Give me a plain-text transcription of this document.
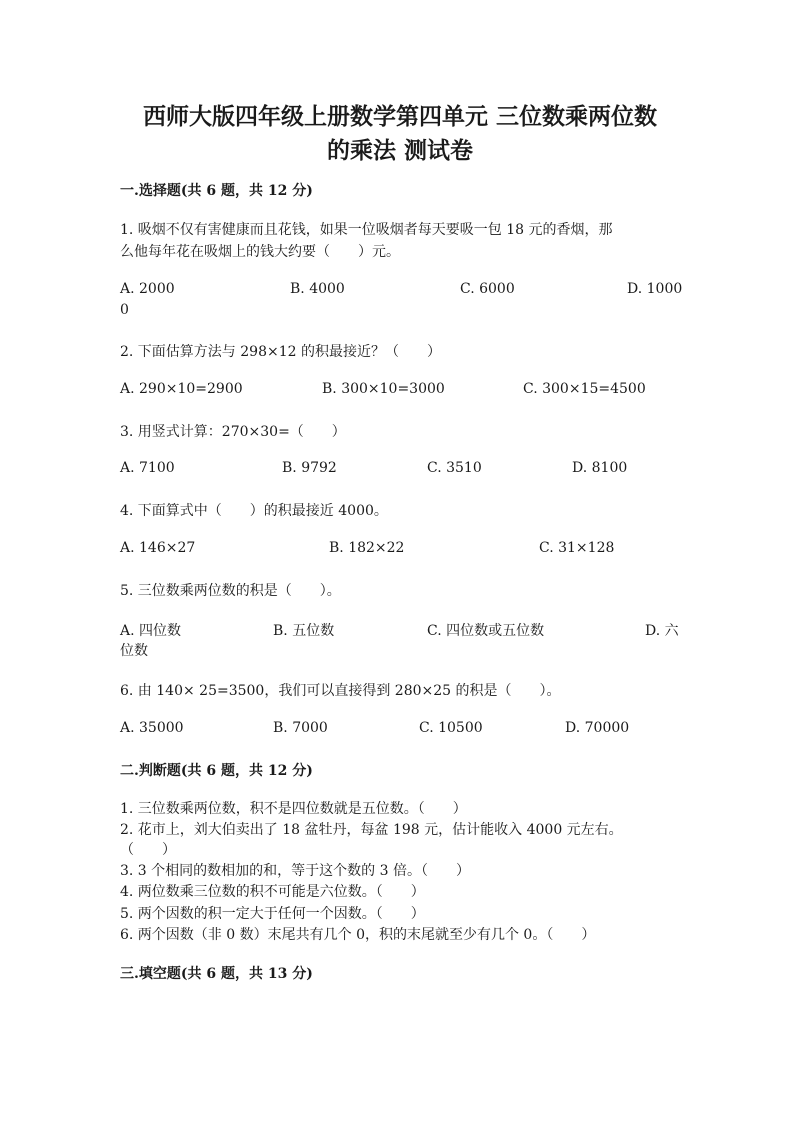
西师大版四年级上册数学第四单元 三位数乘两位数
的乘法 测试卷
一.选择题(共 6 题，共 12 分)
1. 吸烟不仅有害健康而且花钱，如果一位吸烟者每天要吸一包 18 元的香烟，那
么他每年花在吸烟上的钱大约要（　　）元。
A. 2000	B. 4000	C. 6000	D. 1000
0
2. 下面估算方法与 298×12 的积最接近？（　　）
A. 290×10=2900	B. 300×10=3000	C. 300×15=4500
3. 用竖式计算：270×30=（　　）
A. 7100	B. 9792	C. 3510	D. 8100
4. 下面算式中（　　）的积最接近 4000。
A. 146×27	B. 182×22	C. 31×128
5. 三位数乘两位数的积是（　　）。
A. 四位数	B. 五位数	C. 四位数或五位数	D. 六
位数
6. 由 140× 25=3500，我们可以直接得到 280×25 的积是（　　）。
A. 35000	B. 7000	C. 10500	D. 70000
二.判断题(共 6 题，共 12 分)
1. 三位数乘两位数，积不是四位数就是五位数。（　　）
2. 花市上，刘大伯卖出了 18 盆牡丹，每盆 198 元，估计能收入 4000 元左右。
（　　）
3. 3 个相同的数相加的和，等于这个数的 3 倍。（　　）
4. 两位数乘三位数的积不可能是六位数。（　　）
5. 两个因数的积一定大于任何一个因数。（　　）
6. 两个因数（非 0 数）末尾共有几个 0，积的末尾就至少有几个 0。（　　）
三.填空题(共 6 题，共 13 分)
